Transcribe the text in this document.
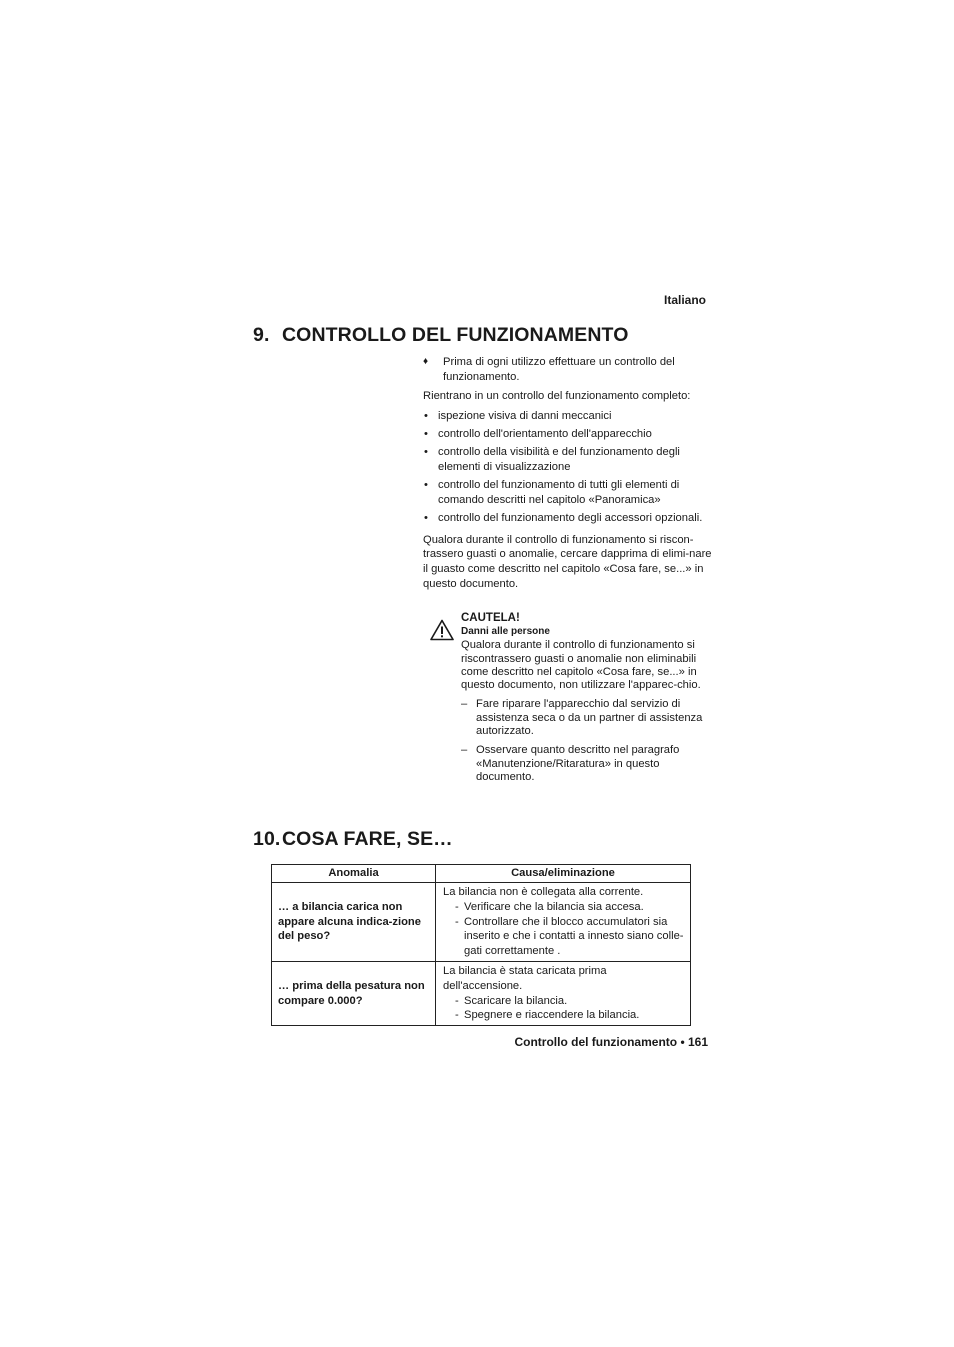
Italiano
9. CONTROLLO DEL FUNZIONAMENTO
♦ Prima di ogni utilizzo effettuare un controllo del funzionamento.

Rientrano in un controllo del funzionamento completo:

• ispezione visiva di danni meccanici
• controllo dell'orientamento dell'apparecchio
• controllo della visibilità e del funzionamento degli elementi di visualizzazione
• controllo del funzionamento di tutti gli elementi di comando descritti nel capitolo «Panoramica»
• controllo del funzionamento degli accessori opzionali.

Qualora durante il controllo di funzionamento si riscon-trassero guasti o anomalie, cercare dapprima di elimi-nare il guasto come descritto nel capitolo «Cosa fare, se...» in questo documento.

CAUTELA!
Danni alle persone
Qualora durante il controllo di funzionamento si riscontrassero guasti o anomalie non eliminabili come descritto nel capitolo «Cosa fare, se...» in questo documento, non utilizzare l'apparec-chio.
– Fare riparare l'apparecchio dal servizio di assistenza seca o da un partner di assistenza autorizzato.
– Osservare quanto descritto nel paragrafo «Manutenzione/Ritaratura» in questo documento.
10.COSA FARE, SE…
Anomalia	Causa/eliminazione
… a bilancia carica non appare alcuna indica-zione del peso?	La bilancia non è collegata alla corrente.
- Verificare che la bilancia sia accesa.
- Controllare che il blocco accumulatori sia inserito e che i contatti a innesto siano colle-gati correttamente .

… prima della pesatura non compare 0.000?	La bilancia è stata caricata prima dell'accensione.
- Scaricare la bilancia.
- Spegnere e riaccendere la bilancia.
Controllo del funzionamento • 161
